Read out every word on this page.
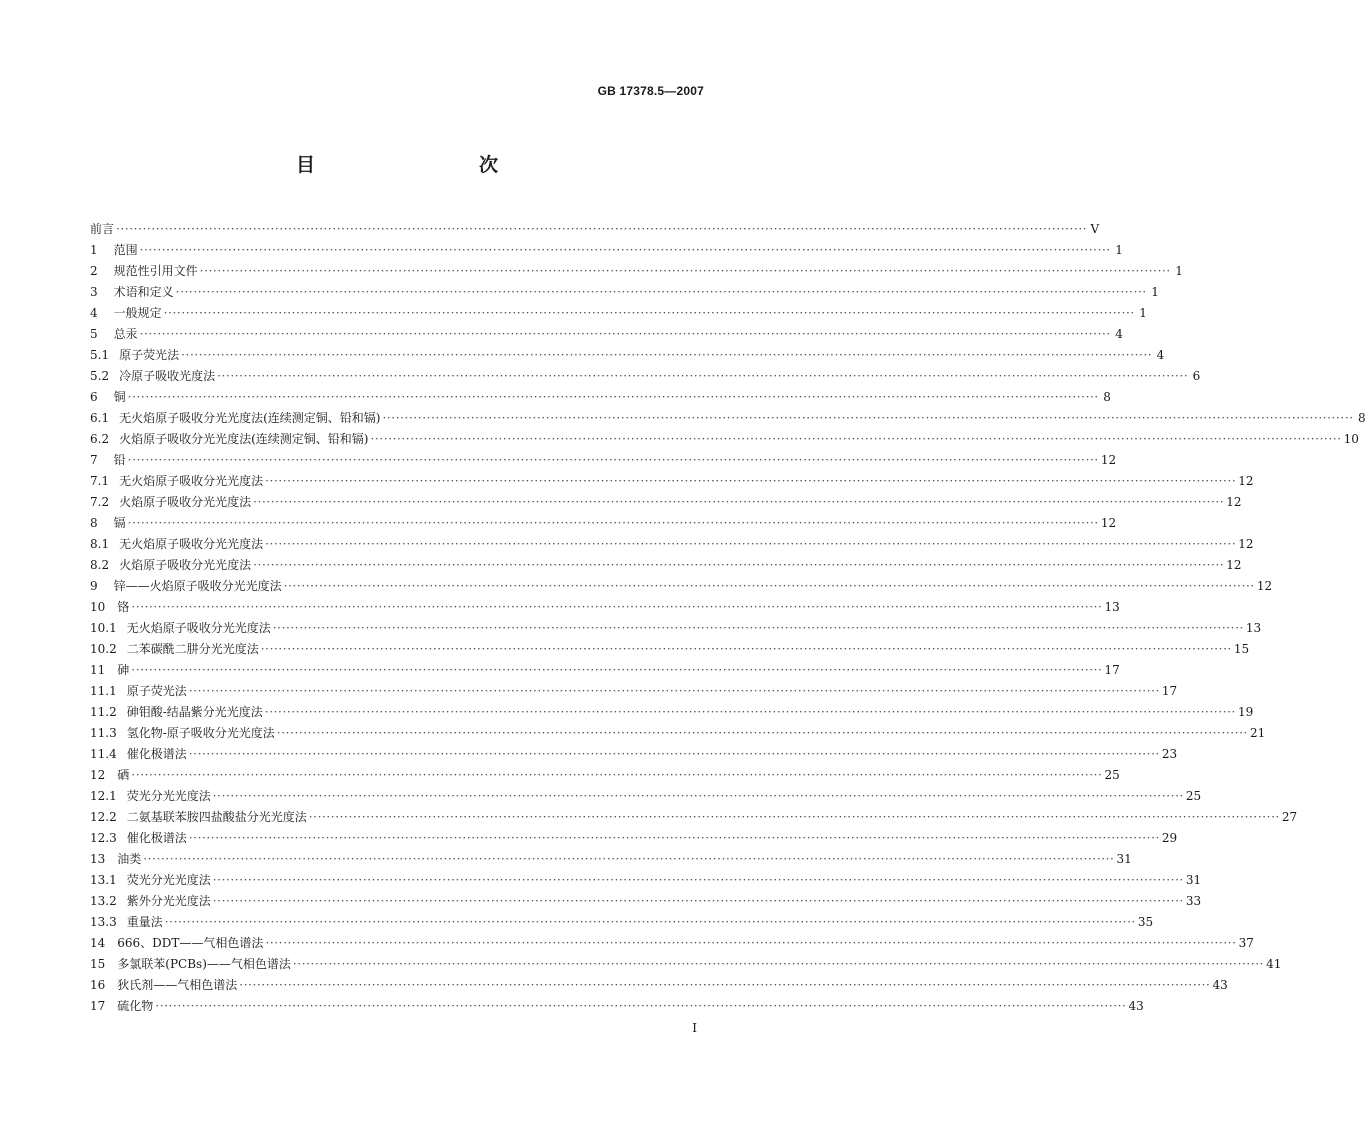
GB 17378.5—2007
目　　次
前言 ···························································································································································································································· V
1 范围 ···························································································································································································································· 1
2 规范性引用文件 ···························································································································································································································· 1
3 术语和定义 ···························································································································································································································· 1
4 一般规定 ···························································································································································································································· 1
5 总汞 ···························································································································································································································· 4
5.1 原子荧光法 ···························································································································································································································· 4
5.2 冷原子吸收光度法 ···························································································································································································································· 6
6 铜 ···························································································································································································································· 8
6.1 无火焰原子吸收分光光度法(连续测定铜、铅和镉) ···························································································································································································································· 8
6.2 火焰原子吸收分光光度法(连续测定铜、铅和镉) ···························································································································································································································· 10
7 铅 ···························································································································································································································· 12
7.1 无火焰原子吸收分光光度法 ···························································································································································································································· 12
7.2 火焰原子吸收分光光度法 ···························································································································································································································· 12
8 镉 ···························································································································································································································· 12
8.1 无火焰原子吸收分光光度法 ···························································································································································································································· 12
8.2 火焰原子吸收分光光度法 ···························································································································································································································· 12
9 锌——火焰原子吸收分光光度法 ···························································································································································································································· 12
10 铬 ···························································································································································································································· 13
10.1 无火焰原子吸收分光光度法 ···························································································································································································································· 13
10.2 二苯碳酰二肼分光光度法 ···························································································································································································································· 15
11 砷 ···························································································································································································································· 17
11.1 原子荧光法 ···························································································································································································································· 17
11.2 砷钼酸-结晶紫分光光度法 ···························································································································································································································· 19
11.3 氢化物-原子吸收分光光度法 ···························································································································································································································· 21
11.4 催化极谱法 ···························································································································································································································· 23
12 硒 ···························································································································································································································· 25
12.1 荧光分光光度法 ···························································································································································································································· 25
12.2 二氨基联苯胺四盐酸盐分光光度法 ···························································································································································································································· 27
12.3 催化极谱法 ···························································································································································································································· 29
13 油类 ···························································································································································································································· 31
13.1 荧光分光光度法 ···························································································································································································································· 31
13.2 紫外分光光度法 ···························································································································································································································· 33
13.3 重量法 ···························································································································································································································· 35
14 666、DDT——气相色谱法 ···························································································································································································································· 37
15 多氯联苯(PCBs)——气相色谱法 ···························································································································································································································· 41
16 狄氏剂——气相色谱法 ···························································································································································································································· 43
17 硫化物 ···························································································································································································································· 43
I
